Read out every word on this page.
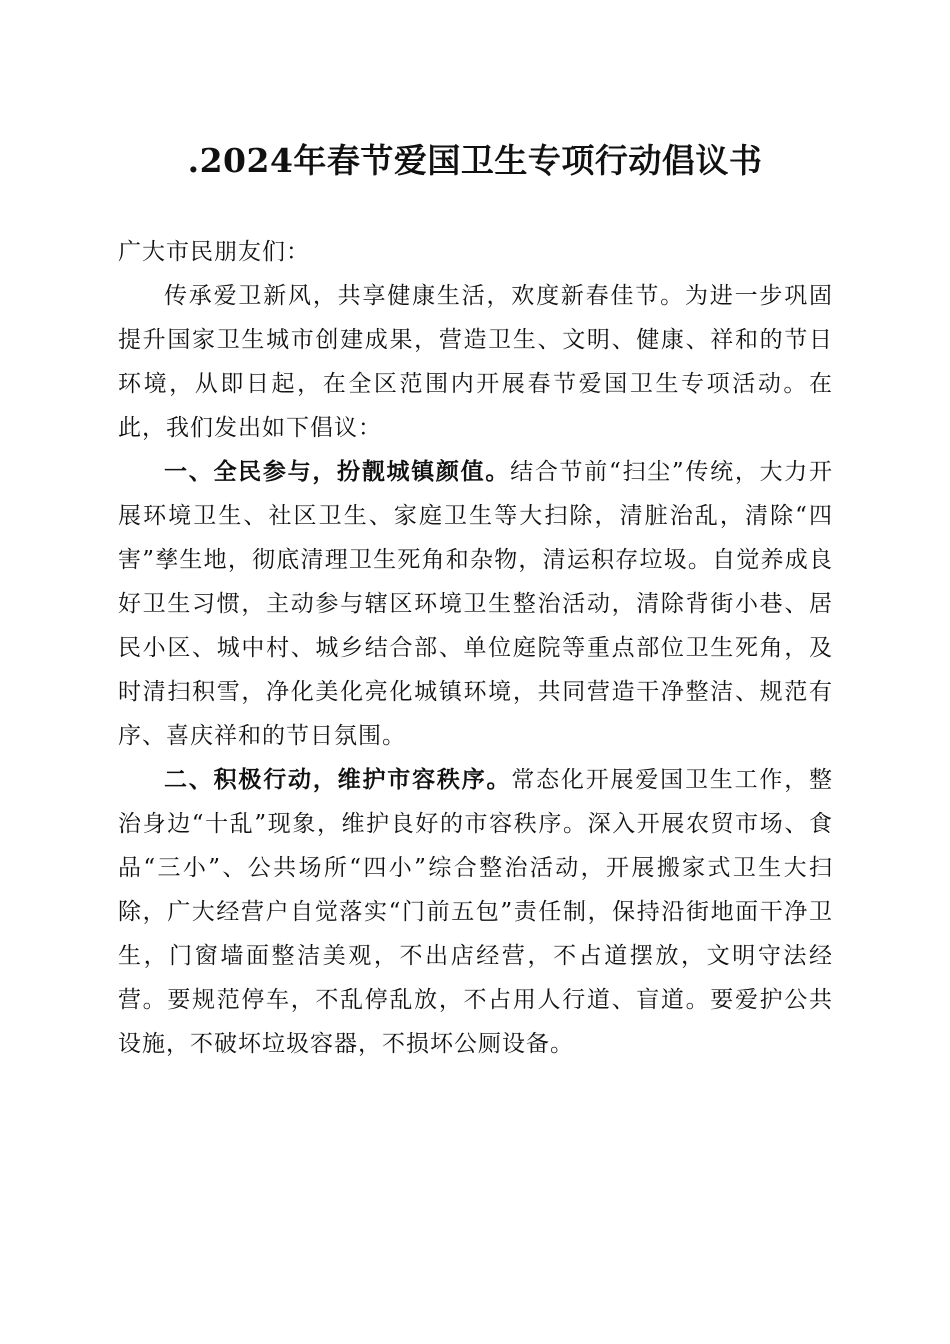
.2024年春节爱国卫生专项行动倡议书

广大市民朋友们：

传承爱卫新风，共享健康生活，欢度新春佳节。为进一步巩固提升国家卫生城市创建成果，营造卫生、文明、健康、祥和的节日环境，从即日起，在全区范围内开展春节爱国卫生专项活动。在此，我们发出如下倡议：

一、全民参与，扮靓城镇颜值。结合节前“扫尘”传统，大力开展环境卫生、社区卫生、家庭卫生等大扫除，清脏治乱，清除“四害”孳生地，彻底清理卫生死角和杂物，清运积存垃圾。自觉养成良好卫生习惯，主动参与辖区环境卫生整治活动，清除背街小巷、居民小区、城中村、城乡结合部、单位庭院等重点部位卫生死角，及时清扫积雪，净化美化亮化城镇环境，共同营造干净整洁、规范有序、喜庆祥和的节日氛围。

二、积极行动，维护市容秩序。常态化开展爱国卫生工作，整治身边“十乱”现象，维护良好的市容秩序。深入开展农贸市场、食品“三小”、公共场所“四小”综合整治活动，开展搬家式卫生大扫除，广大经营户自觉落实“门前五包”责任制，保持沿街地面干净卫生，门窗墙面整洁美观，不出店经营，不占道摆放，文明守法经营。要规范停车，不乱停乱放，不占用人行道、盲道。要爱护公共设施，不破坏垃圾容器，不损坏公厕设备。
